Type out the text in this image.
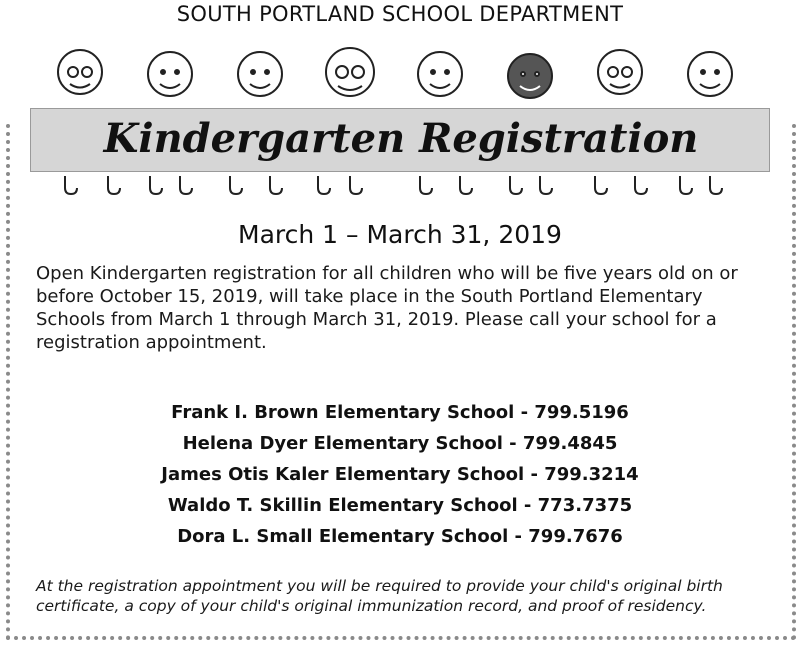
SOUTH PORTLAND SCHOOL DEPARTMENT
Kindergarten Registration
March 1 – March 31, 2019
Open Kindergarten registration for all children who will be five years old on or before October 15, 2019, will take place in the South Portland Elementary Schools from March 1 through March 31, 2019. Please call your school for a registration appointment.
Frank I. Brown Elementary School - 799.5196
Helena Dyer Elementary School - 799.4845
James Otis Kaler Elementary School - 799.3214
Waldo T. Skillin Elementary School - 773.7375
Dora L. Small Elementary School - 799.7676
At the registration appointment you will be required to provide your child's original birth certificate, a copy of your child's original immunization record, and proof of residency.
